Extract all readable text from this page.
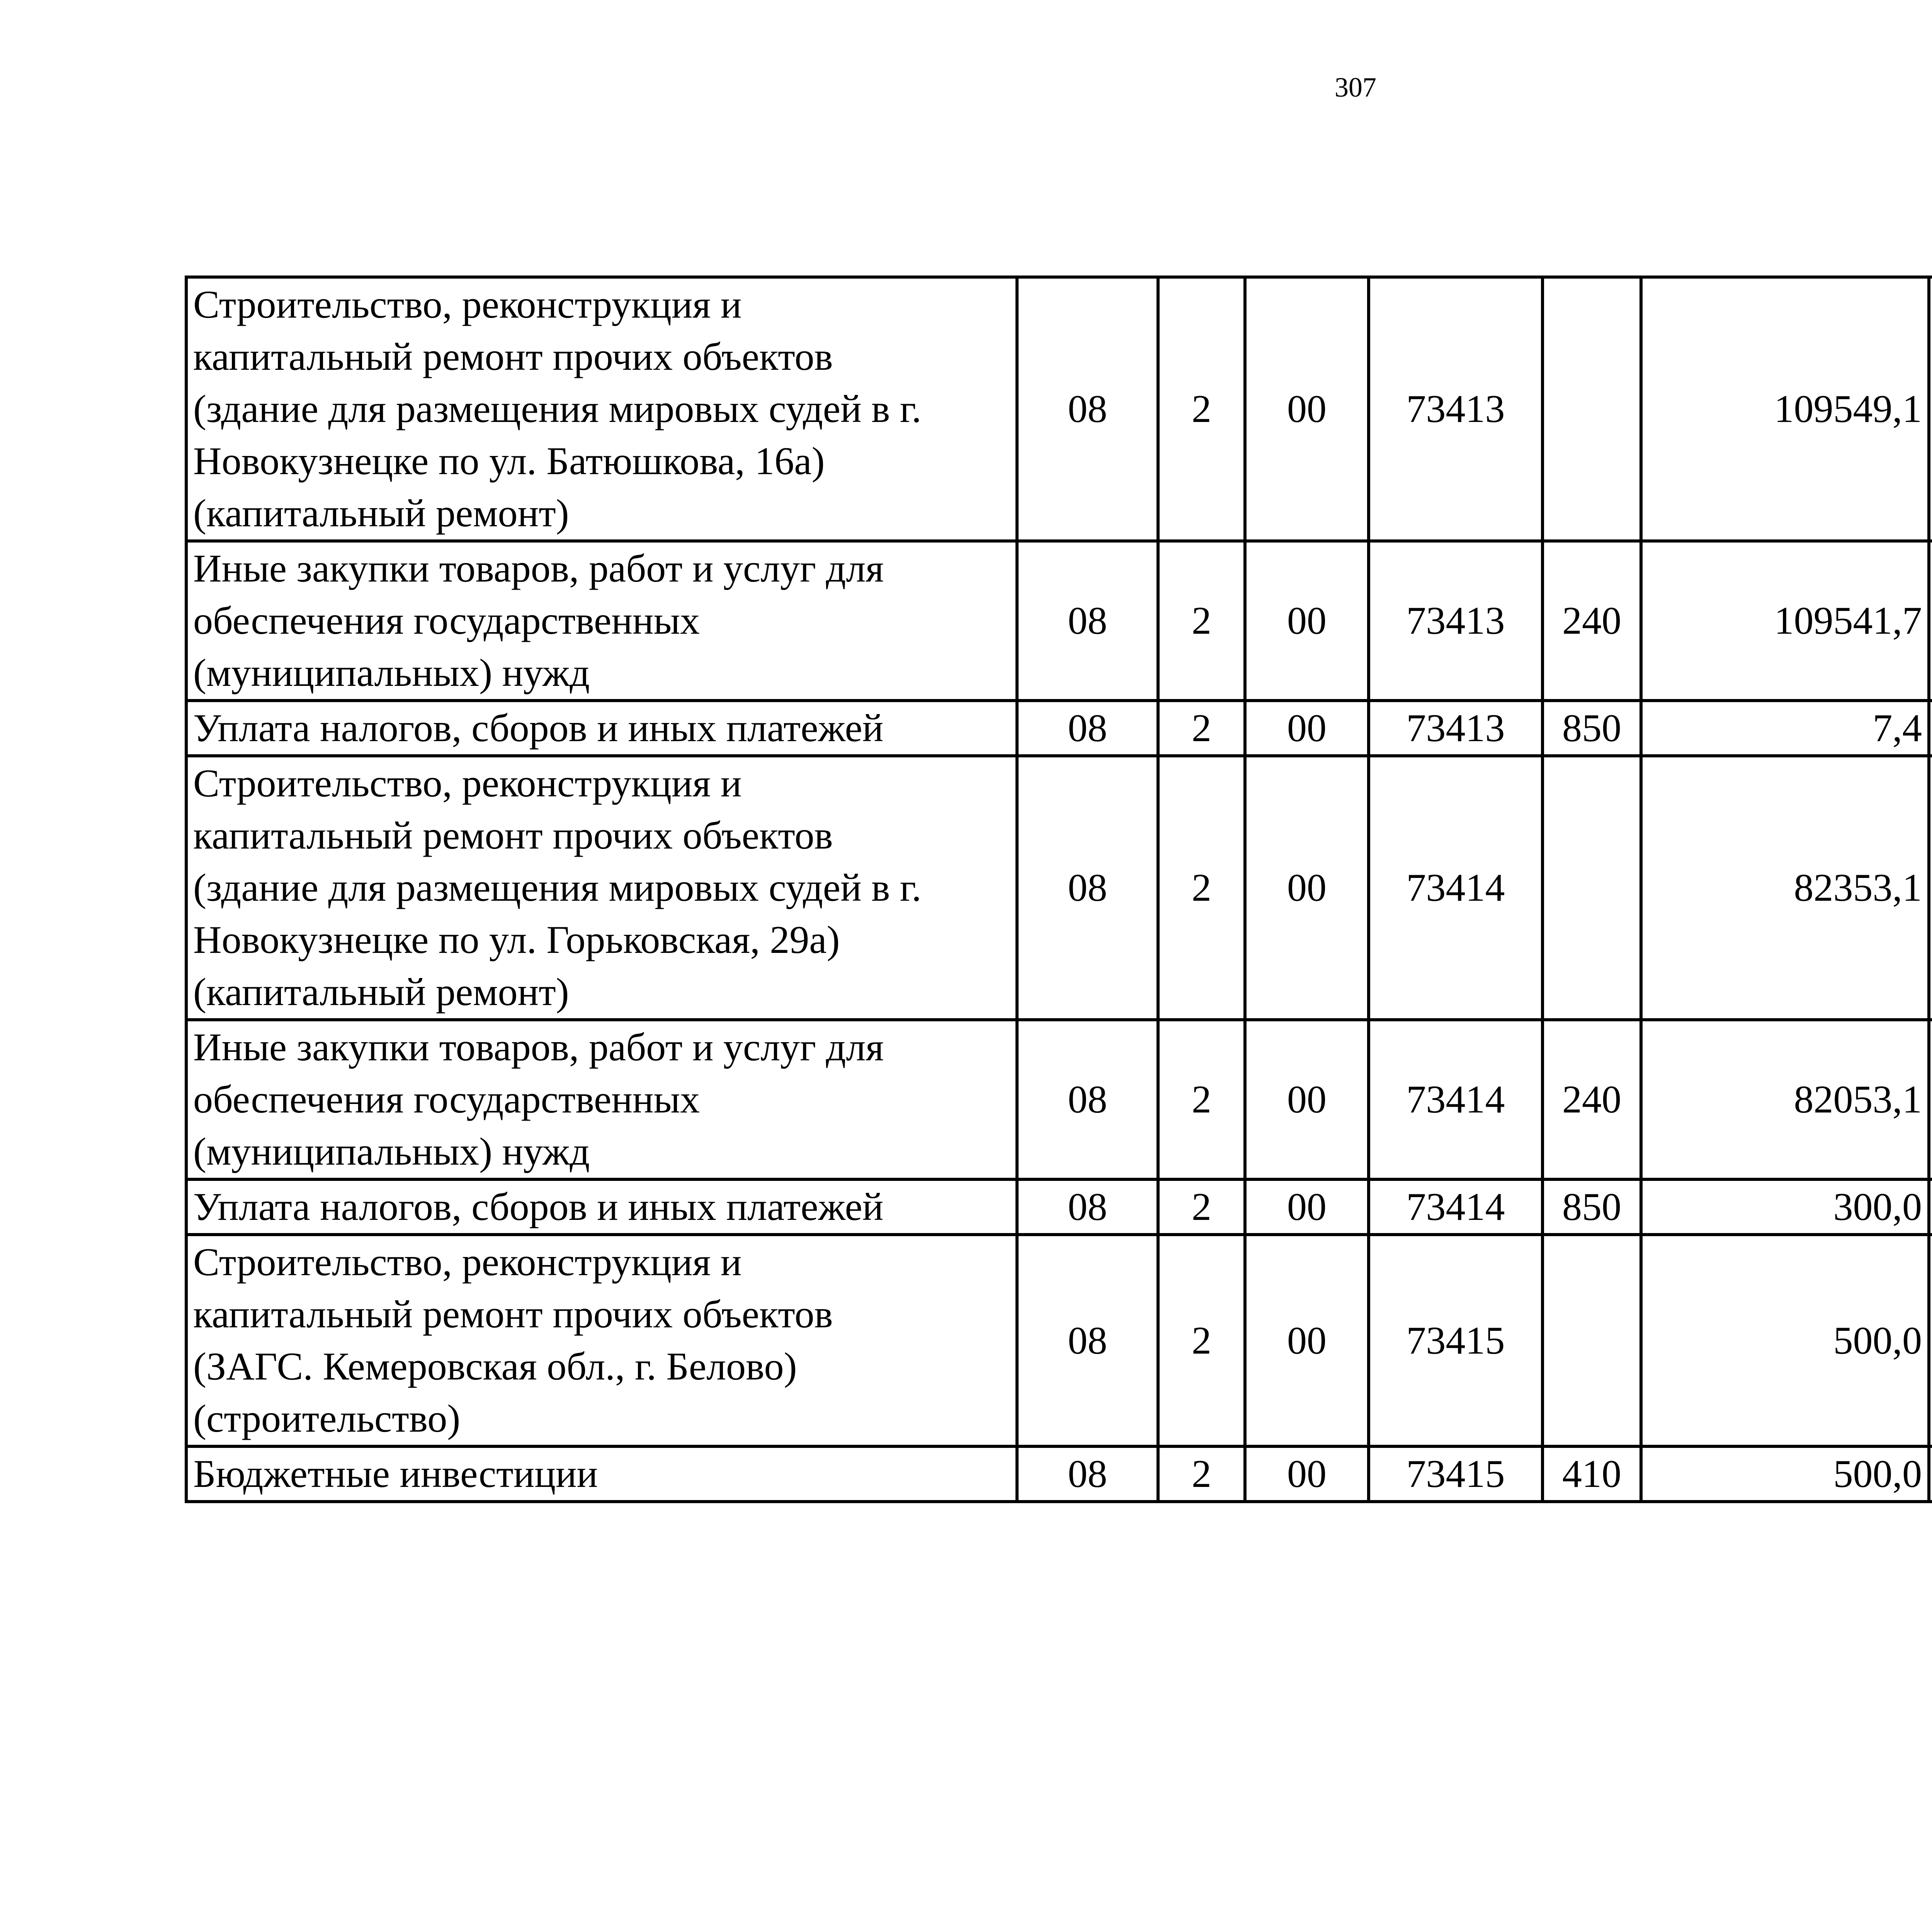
307
Строительство, реконструкция и
капитальный ремонт прочих объектов
(здание для размещения мировых судей в г.
Новокузнецке по ул. Батюшкова, 16а)
(капитальный ремонт)	08	2	00	73413		109549,1		

Иные закупки товаров, работ и услуг для
обеспечения государственных
(муниципальных) нужд	08	2	00	73413	240	109541,7		

Уплата налогов, сборов и иных платежей	08	2	00	73413	850	7,4		

Строительство, реконструкция и
капитальный ремонт прочих объектов
(здание для размещения мировых судей в г.
Новокузнецке по ул. Горьковская, 29а)
(капитальный ремонт)	08	2	00	73414		82353,1		

Иные закупки товаров, работ и услуг для
обеспечения государственных
(муниципальных) нужд	08	2	00	73414	240	82053,1		

Уплата налогов, сборов и иных платежей	08	2	00	73414	850	300,0		

Строительство, реконструкция и
капитальный ремонт прочих объектов
(ЗАГС. Кемеровская обл., г. Белово)
(строительство)	08	2	00	73415		500,0		

Бюджетные инвестиции	08	2	00	73415	410	500,0		
